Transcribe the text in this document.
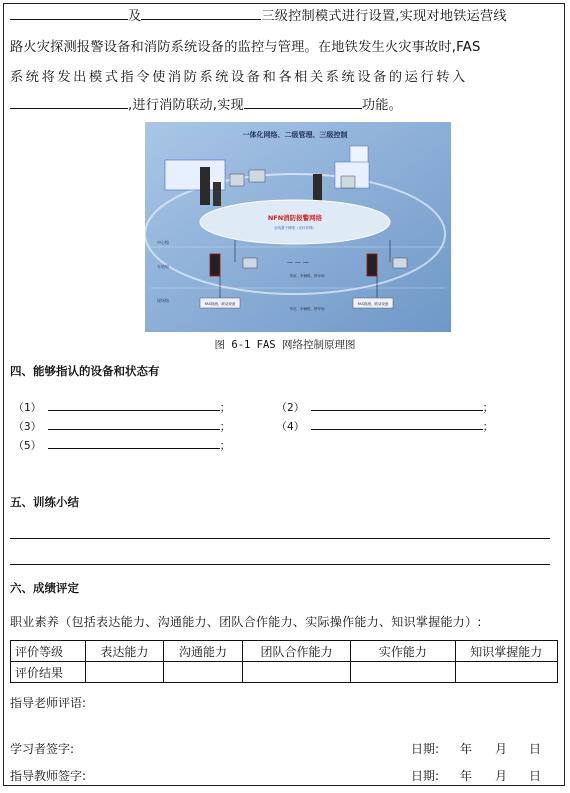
及	三级控制模式进行设置,实现对地铁运营线
路火灾探测报警设备和消防系统设备的监控与管理。在地铁发生火灾事故时,FAS
系统将发出模式指令使消防系统设备和各相关系统设备的运行转入
,进行消防联动,实现	功能。
一体化网络、二级管理、三级控制
NFN消防报警网络
全线置干网络（光纤环网）
中心级
车站级
现场级
— — —
车站、车辆段、停车场
FAS探测、联动设备	FAS探测、联动设备
车站、车辆段、停车场
图 6-1 FAS 网络控制原理图
四、能够指认的设备和状态有
（1）	；	（2）	；
（3）	；	（4）	；
（5）	；
五、训练小结
六、成绩评定
职业素养（包括表达能力、沟通能力、团队合作能力、实际操作能力、知识掌握能力）:
评价等级	表达能力	沟通能力	团队合作能力	实作能力	知识掌握能力
评价结果					
指导老师评语:
学习者签字:	日期: 年 月 日
指导教师签字:	日期: 年 月 日
